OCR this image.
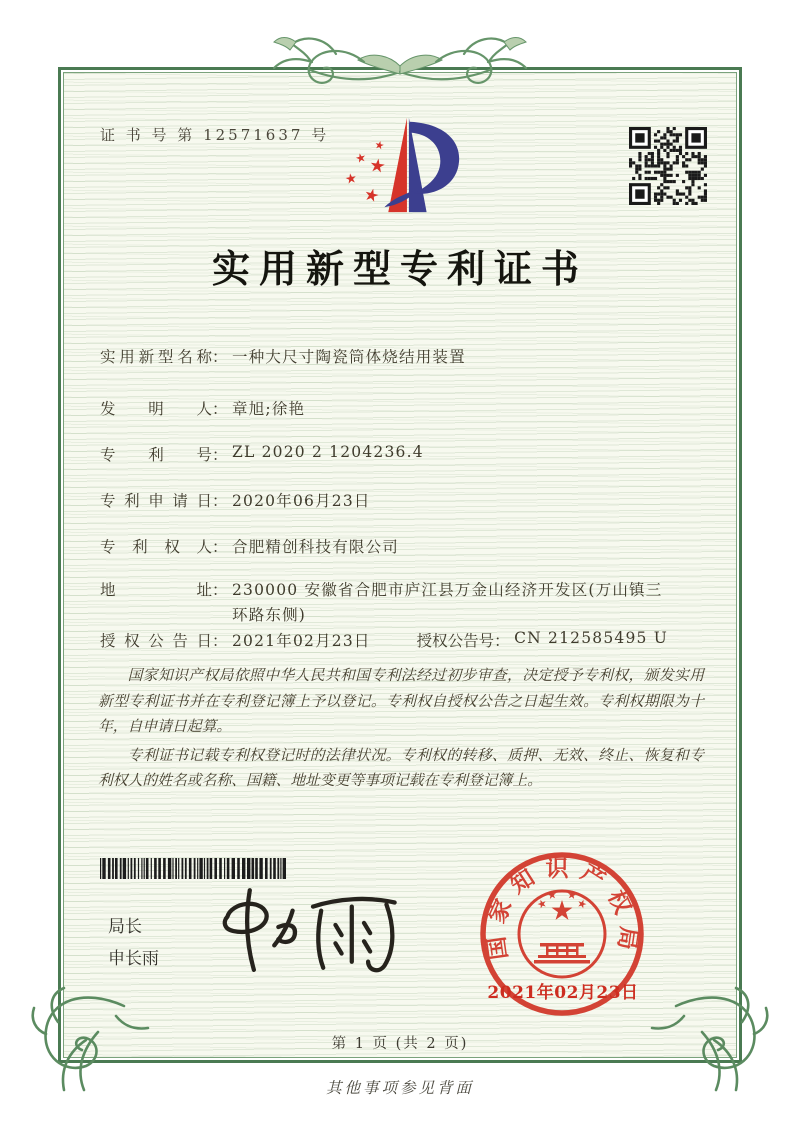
证 书 号 第 12571637 号
实用新型专利证书
实用新型名称 ： 一种大尺寸陶瓷筒体烧结用装置
发明人 ： 章旭;徐艳
专利号 ： ZL 2020 2 1204236.4
专利申请日 ： 2020年06月23日
专利权人 ： 合肥精创科技有限公司
地址 ： 230000 安徽省合肥市庐江县万金山经济开发区(万山镇三环路东侧)
授权公告日 ： 2021年02月23日	授权公告号 ： CN 212585495 U

国家知识产权局依照中华人民共和国专利法经过初步审查，决定授予专利权，颁发实用新型专利证书并在专利登记簿上予以登记。专利权自授权公告之日起生效。专利权期限为十年，自申请日起算。

专利证书记载专利权登记时的法律状况。专利权的转移、质押、无效、终止、恢复和专利权人的姓名或名称、国籍、地址变更等事项记载在专利登记簿上。

局长
申长雨	国家知识产权局
2021年02月23日
第 1 页 (共 2 页)
其他事项参见背面
